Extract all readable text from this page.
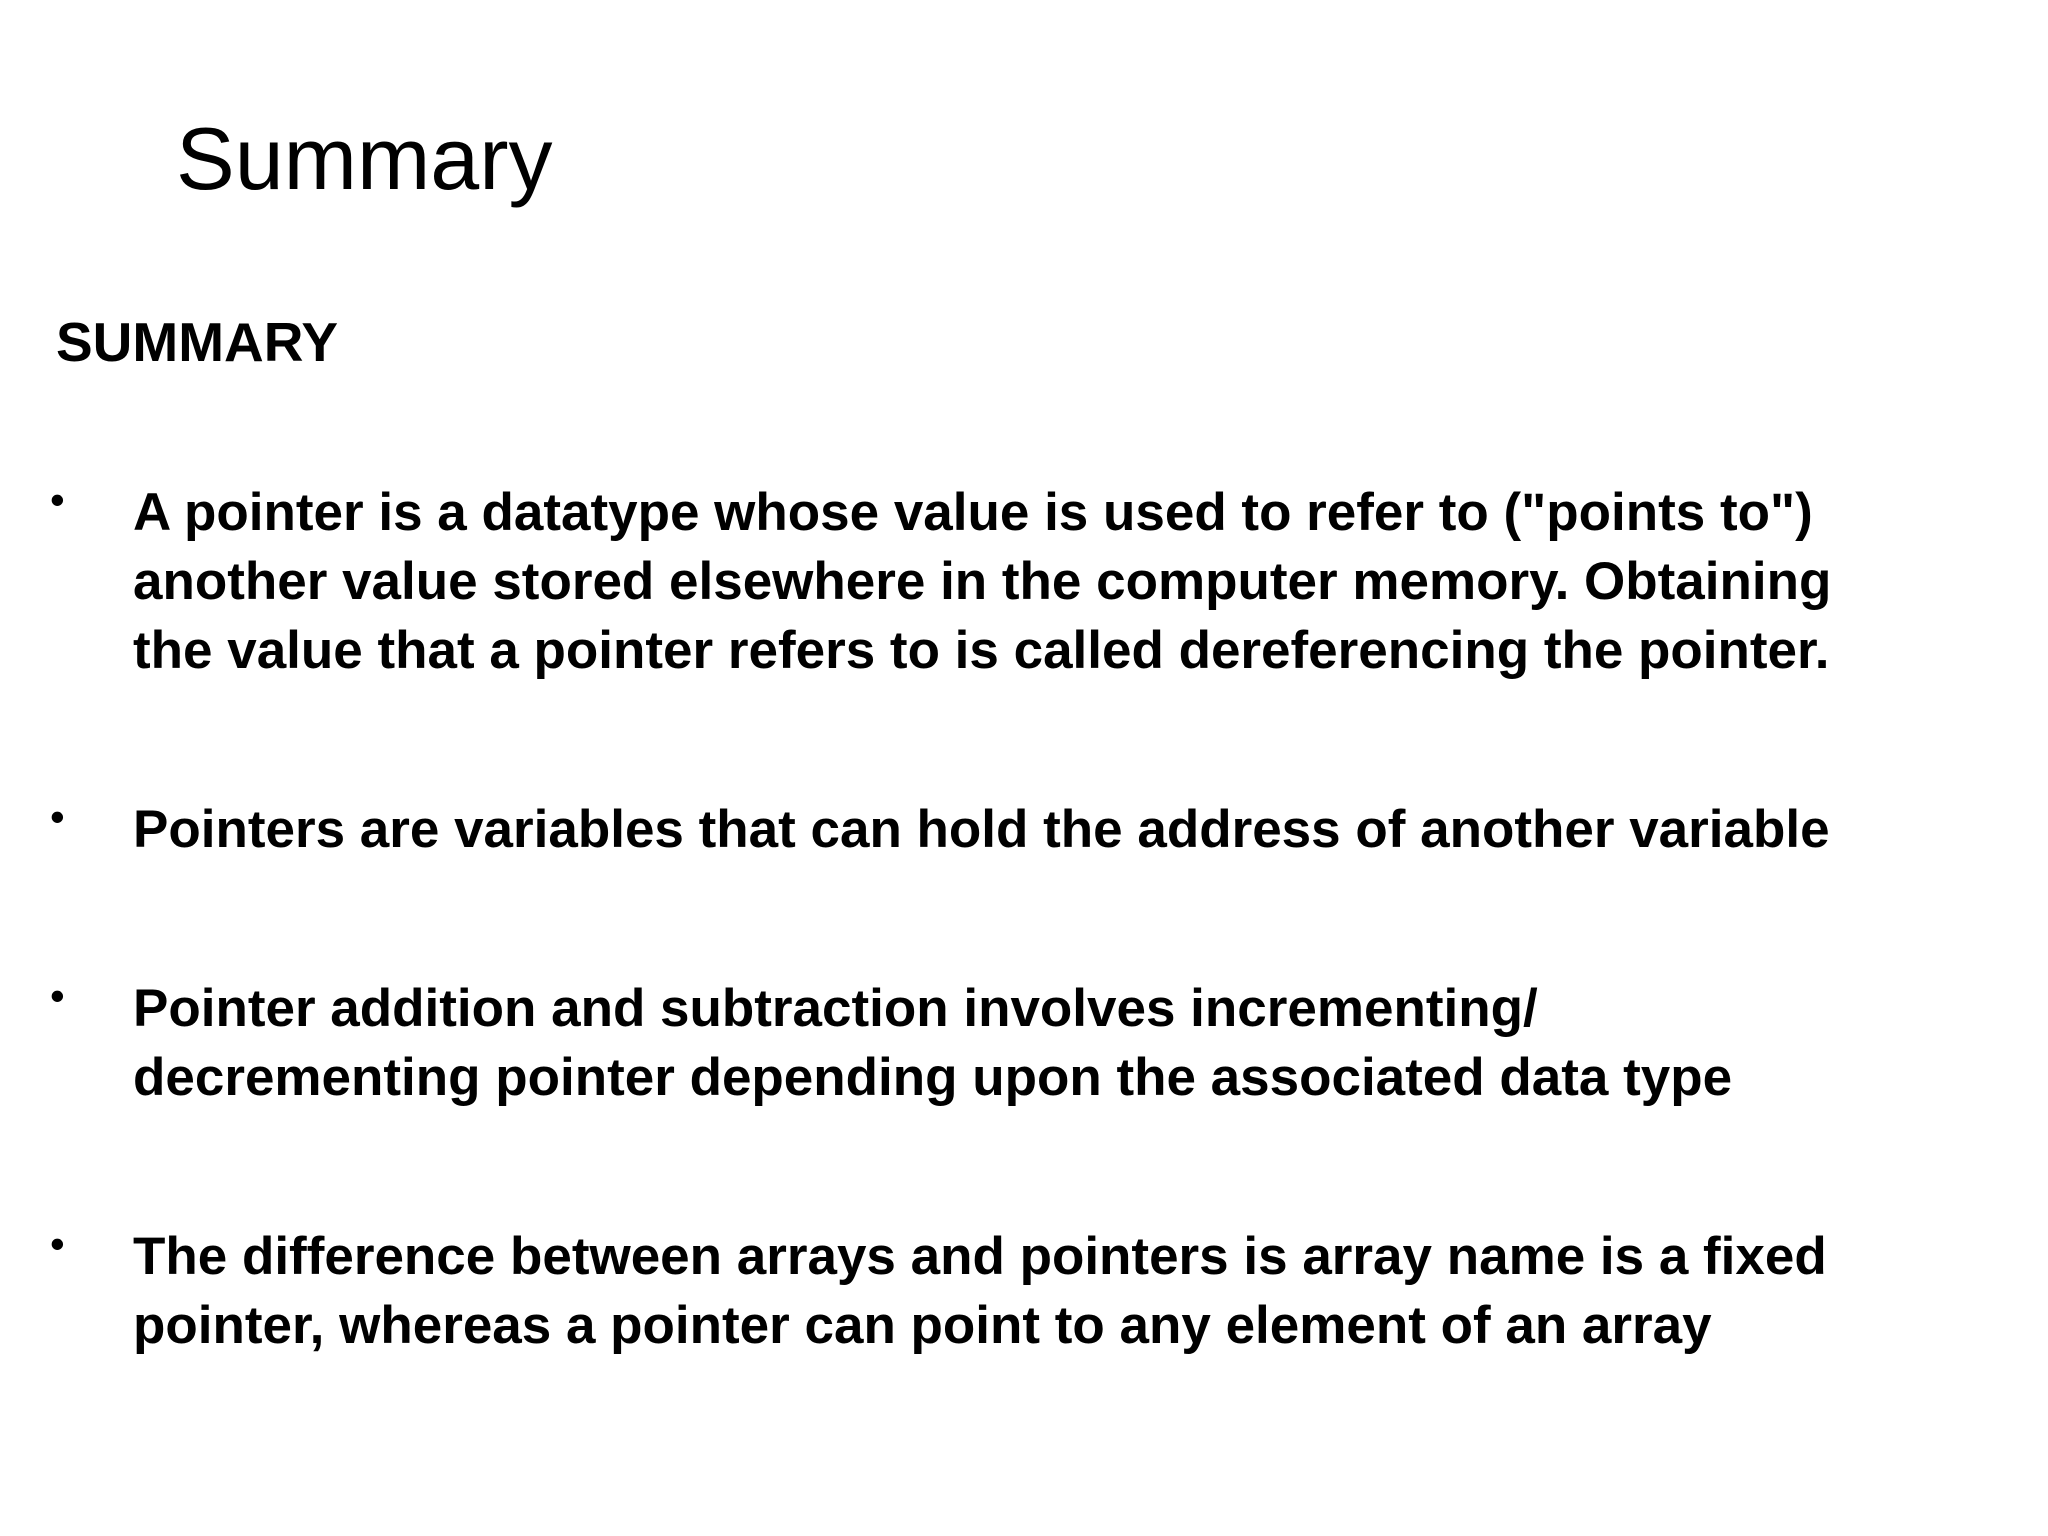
Summary
SUMMARY
• A pointer is a datatype whose value is used to refer to ("points to")
another value stored elsewhere in the computer memory. Obtaining
the value that a pointer refers to is called dereferencing the pointer.
• Pointers are variables that can hold the address of another variable
• Pointer addition and subtraction involves incrementing/
decrementing pointer depending upon the associated data type
• The difference between arrays and pointers is array name is a fixed
pointer, whereas a pointer can point to any element of an array
